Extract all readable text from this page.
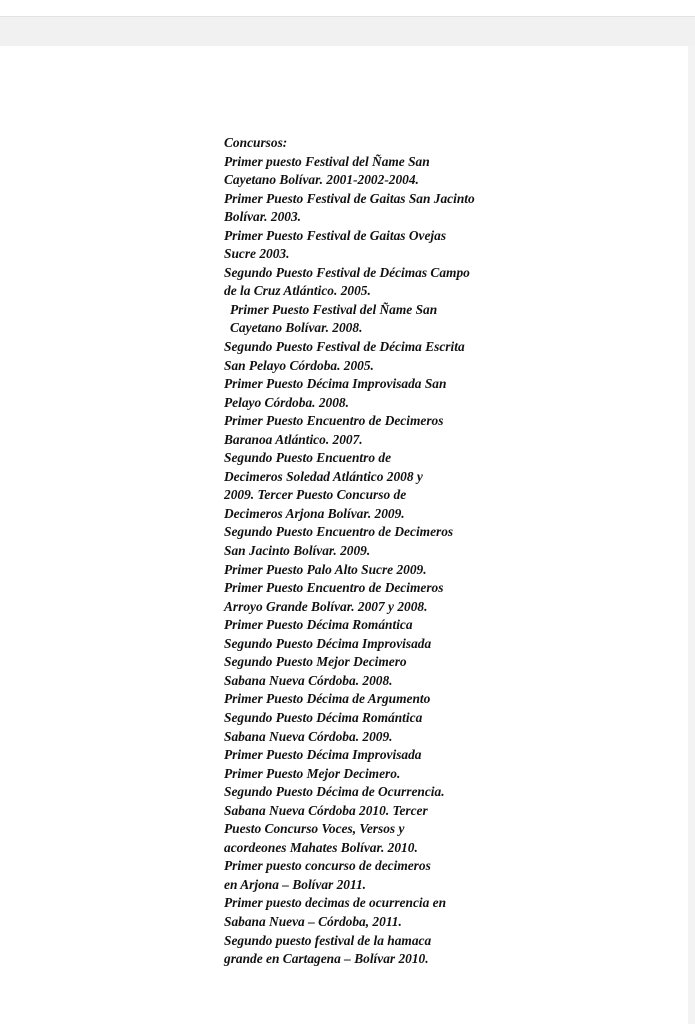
Concursos:
Primer puesto Festival del Ñame San
Cayetano Bolívar. 2001-2002-2004.
Primer Puesto Festival de Gaitas San Jacinto
Bolívar. 2003.
Primer Puesto Festival de Gaitas Ovejas
Sucre 2003.
Segundo Puesto Festival de Décimas Campo
de la Cruz Atlántico. 2005.
Primer Puesto Festival del Ñame San
Cayetano Bolívar. 2008.
Segundo Puesto Festival de Décima Escrita
San Pelayo Córdoba. 2005.
Primer Puesto Décima Improvisada San
Pelayo Córdoba. 2008.
Primer Puesto Encuentro de Decimeros
Baranoa Atlántico. 2007.
Segundo Puesto Encuentro de
Decimeros Soledad Atlántico 2008 y
2009. Tercer Puesto Concurso de
Decimeros Arjona Bolívar. 2009.
Segundo Puesto Encuentro de Decimeros
San Jacinto Bolívar. 2009.
Primer Puesto Palo Alto Sucre 2009.
Primer Puesto Encuentro de Decimeros
Arroyo Grande Bolívar. 2007 y 2008.
Primer Puesto Décima Romántica
Segundo Puesto Décima Improvisada
Segundo Puesto Mejor Decimero
Sabana Nueva Córdoba. 2008.
Primer Puesto Décima de Argumento
Segundo Puesto Décima Romántica
Sabana Nueva Córdoba. 2009.
Primer Puesto Décima Improvisada
Primer Puesto Mejor Decimero.
Segundo Puesto Décima de Ocurrencia.
Sabana Nueva Córdoba 2010. Tercer
Puesto Concurso Voces, Versos y
acordeones Mahates Bolívar. 2010.
Primer puesto concurso de decimeros
en Arjona – Bolívar 2011.
Primer puesto decimas de ocurrencia en
Sabana Nueva – Córdoba, 2011.
Segundo puesto festival de la hamaca
grande en Cartagena – Bolívar 2010.
